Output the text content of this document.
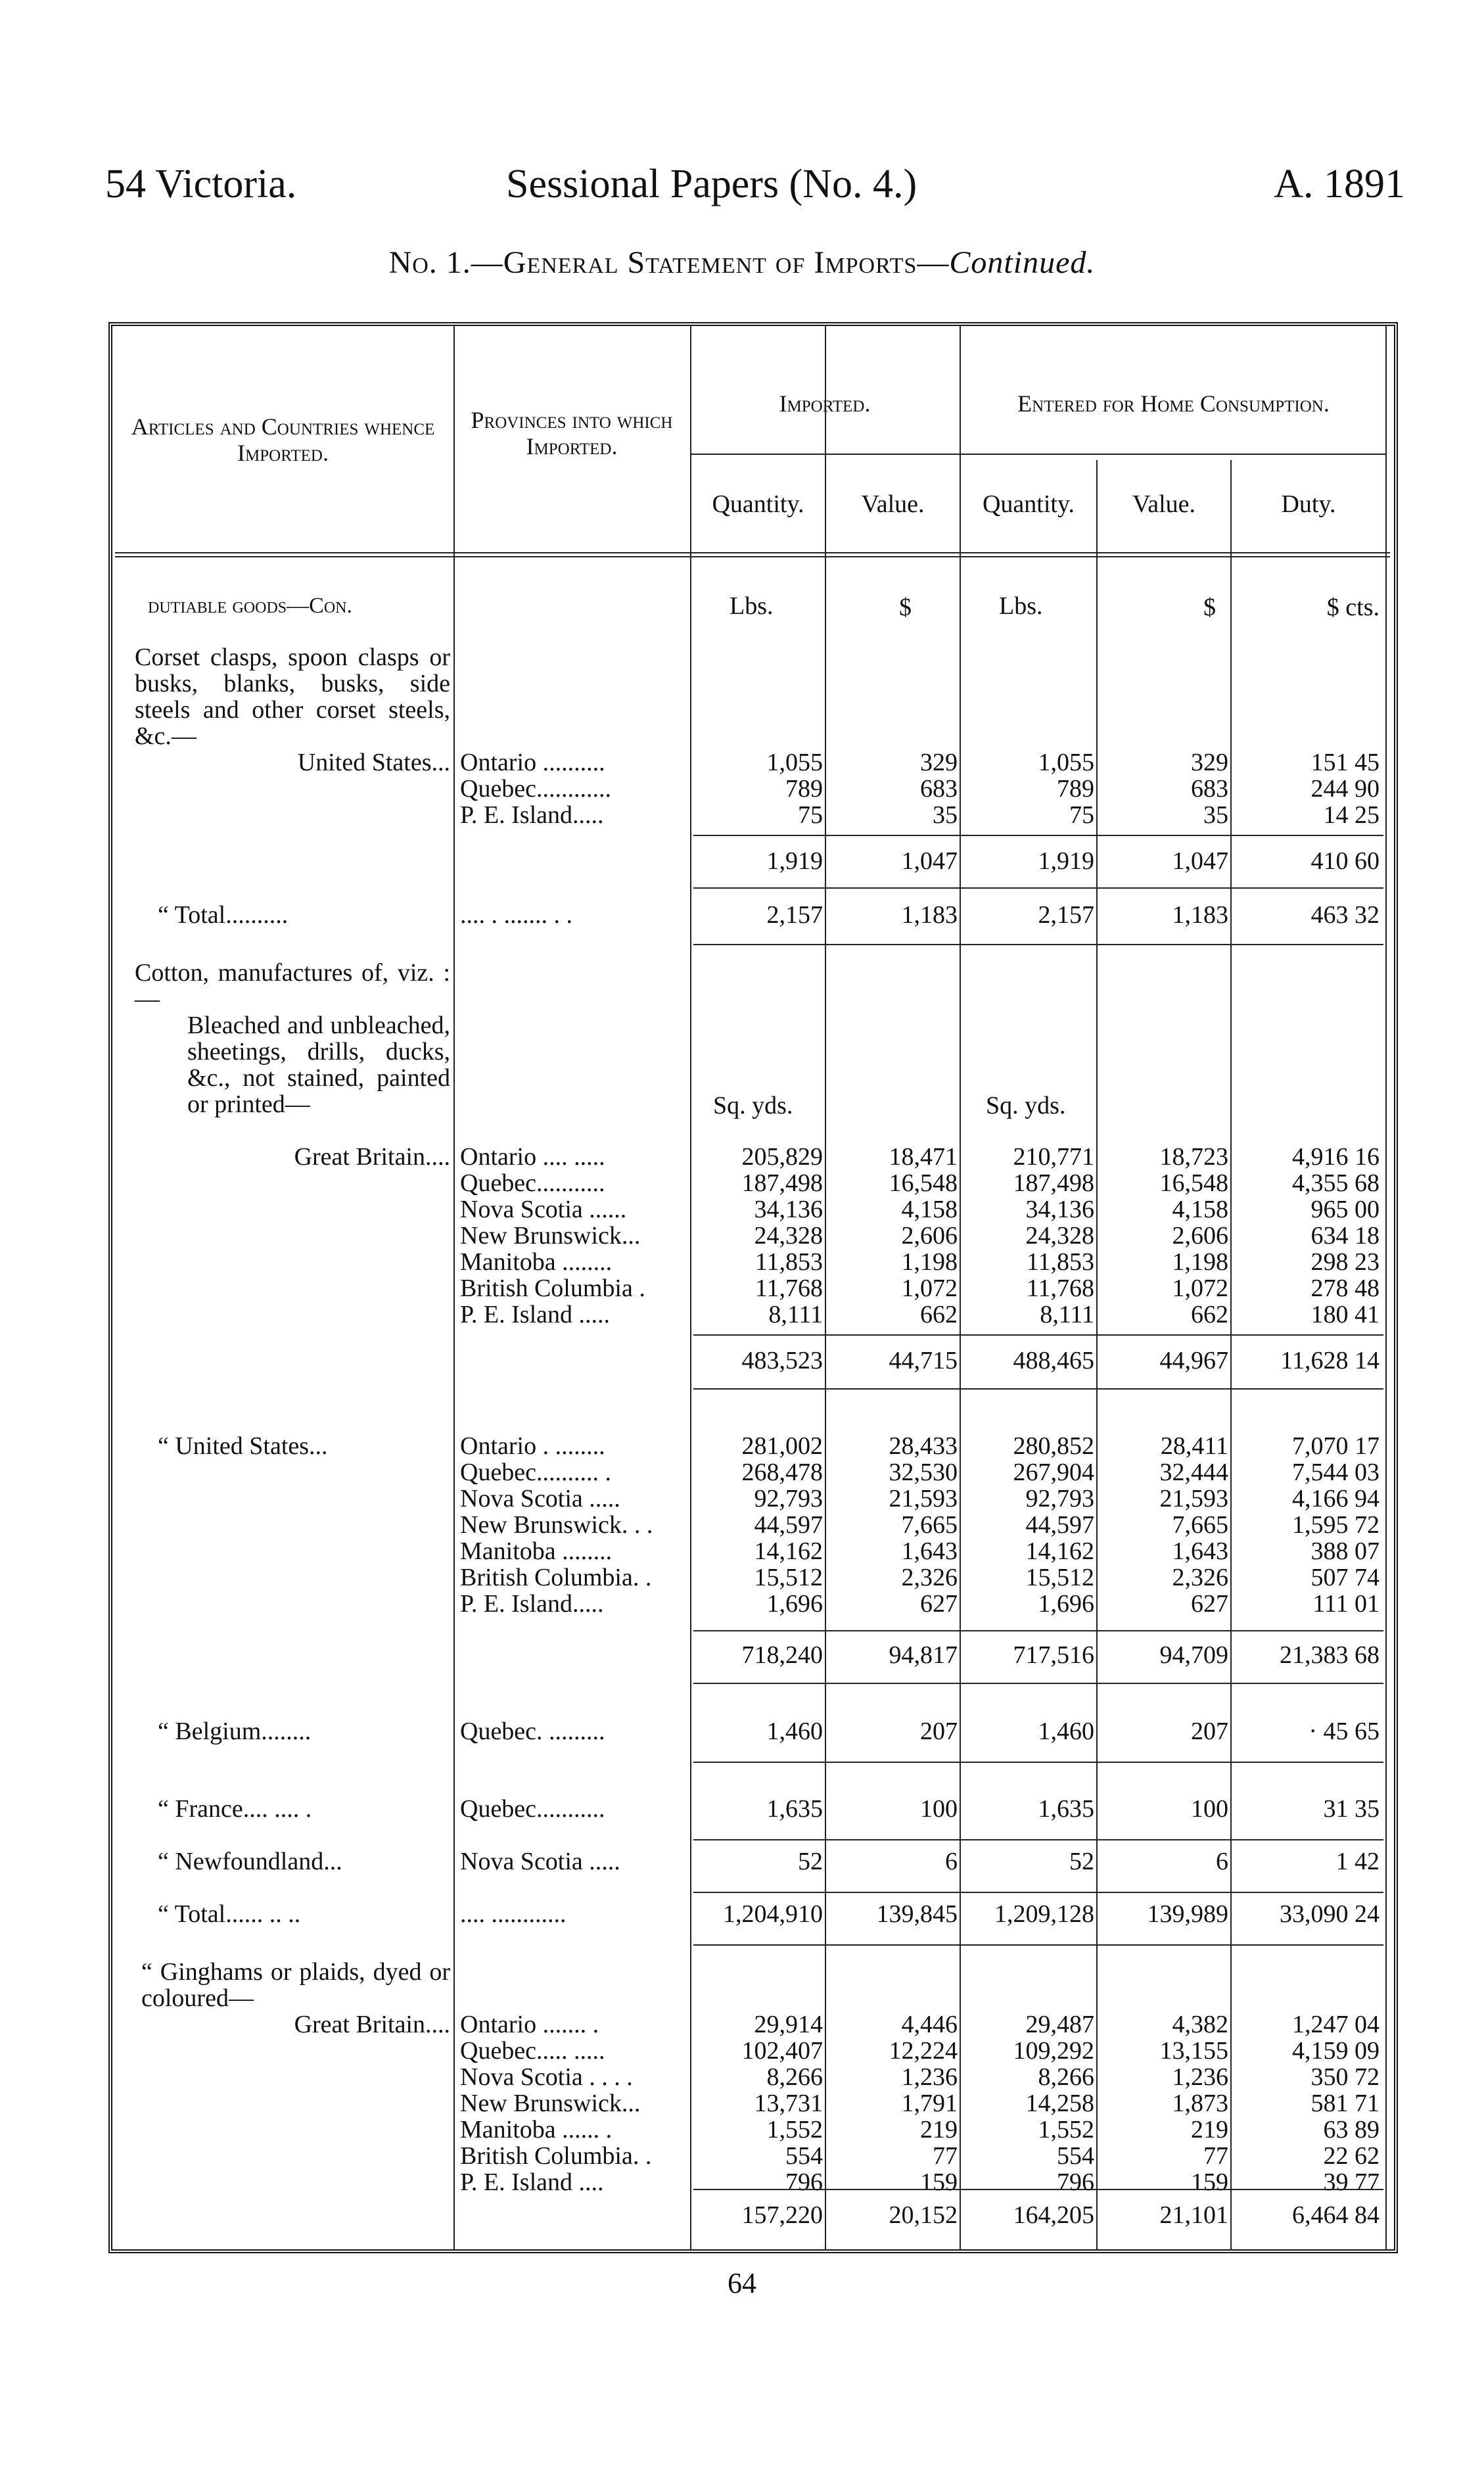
54 Victoria.	Sessional Papers (No. 4.)	A. 1891
No. 1.—General Statement of Imports—Continued.
Articles and Countries whence Imported.
Provinces into which Imported.
Imported.	Entered for Home Consumption.
Quantity.	Value.	Quantity.	Value.	Duty.
dutiable goods—Con.	Lbs.	$	Lbs.	$	$ cts.
Corset clasps, spoon clasps or busks, blanks, busks, side steels and other corset steels, &c.—
United States... Ontario ..........	1,055	329	1,055	329	151 45
Quebec............	789	683	789	683	244 90
P. E. Island.....	75	35	75	35	14 25
1,919	1,047	1,919	1,047	410 60
“ Total..........	.... . ....... . .	2,157	1,183	2,157	1,183	463 32
Cotton, manufactures of, viz. :—
Bleached and unbleached, sheetings, drills, ducks, &c., not stained, painted or printed—
Great Britain....
Sq. yds.	Sq. yds.
Ontario .... .....	205,829	18,471	210,771	18,723	4,916 16
Quebec...........	187,498	16,548	187,498	16,548	4,355 68
Nova Scotia ......	34,136	4,158	34,136	4,158	965 00
New Brunswick...	24,328	2,606	24,328	2,606	634 18
Manitoba ........	11,853	1,198	11,853	1,198	298 23
British Columbia .	11,768	1,072	11,768	1,072	278 48
P. E. Island .....	8,111	662	8,111	662	180 41
483,523	44,715	488,465	44,967	11,628 14
“ United States...	Ontario . ........	281,002	28,433	280,852	28,411	7,070 17
Quebec.......... .	268,478	32,530	267,904	32,444	7,544 03
Nova Scotia .....	92,793	21,593	92,793	21,593	4,166 94
New Brunswick. . .	44,597	7,665	44,597	7,665	1,595 72
Manitoba ........	14,162	1,643	14,162	1,643	388 07
British Columbia. .	15,512	2,326	15,512	2,326	507 74
P. E. Island.....	1,696	627	1,696	627	111 01
718,240	94,817	717,516	94,709	21,383 68
“ Belgium........	Quebec. .........	1,460	207	1,460	207	· 45 65
“ France.... .... .	Quebec...........	1,635	100	1,635	100	31 35
“ Newfoundland...	Nova Scotia .....	52	6	52	6	1 42
“ Total...... .. ..	.... ............	1,204,910	139,845	1,209,128	139,989	33,090 24
“ Ginghams or plaids, dyed or coloured—
Great Britain.... Ontario ....... .	29,914	4,446	29,487	4,382	1,247 04
Quebec..... .....	102,407	12,224	109,292	13,155	4,159 09
Nova Scotia . . . .	8,266	1,236	8,266	1,236	350 72
New Brunswick...	13,731	1,791	14,258	1,873	581 71
Manitoba ...... .	1,552	219	1,552	219	63 89
British Columbia. .	554	77	554	77	22 62
P. E. Island ....	796	159	796	159	39 77
157,220	20,152	164,205	21,101	6,464 84
64
